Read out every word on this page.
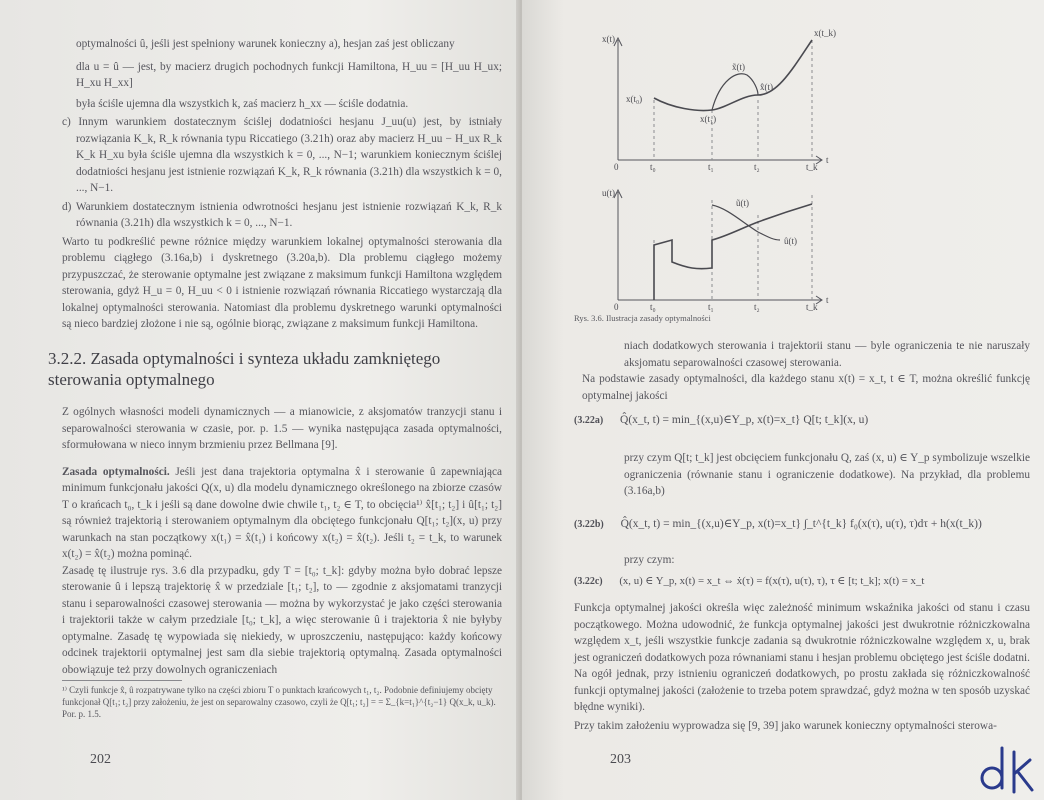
optymalności û, jeśli jest spełniony warunek konieczny a), hesjan zaś jest obliczany

dla u = û — jest, by macierz drugich pochodnych funkcji Hamiltona, H_uu = [H_uu H_ux; H_xu H_xx]

była ściśle ujemna dla wszystkich k, zaś macierz h_xx — ściśle dodatnia.

c) Innym warunkiem dostatecznym ściślej dodatniości hesjanu J_uu(u) jest, by istniały rozwiązania K_k, R_k równania typu Riccatiego (3.21h) oraz aby macierz H_uu − H_ux R_k K_k H_xu była ściśle ujemna dla wszystkich k = 0, ..., N−1; warunkiem koniecznym ściślej dodatniości hesjanu jest istnienie rozwiązań K_k, R_k równania (3.21h) dla wszystkich k = 0, ..., N−1.

d) Warunkiem dostatecznym istnienia odwrotności hesjanu jest istnienie rozwiązań K_k, R_k równania (3.21h) dla wszystkich k = 0, ..., N−1.

Warto tu podkreślić pewne różnice między warunkiem lokalnej optymalności sterowania dla problemu ciągłego (3.16a,b) i dyskretnego (3.20a,b). Dla problemu ciągłego możemy przypuszczać, że sterowanie optymalne jest związane z maksimum funkcji Hamiltona względem sterowania, gdyż H_u = 0, H_uu < 0 i istnienie rozwiązań równania Riccatiego wystarczają dla lokalnej optymalności sterowania. Natomiast dla problemu dyskretnego warunki optymalności są nieco bardziej złożone i nie są, ogólnie biorąc, związane z maksimum funkcji Hamiltona.

3.2.2. Zasada optymalności i synteza układu zamkniętego sterowania optymalnego

Z ogólnych własności modeli dynamicznych — a mianowicie, z aksjomatów tranzycji stanu i separowalności sterowania w czasie, por. p. 1.5 — wynika następująca zasada optymalności, sformułowana w nieco innym brzmieniu przez Bellmana [9].

Zasada optymalności. Jeśli jest dana trajektoria optymalna x̂ i sterowanie û zapewniająca minimum funkcjonału jakości Q(x, u) dla modelu dynamicznego określonego na zbiorze czasów T o krańcach t₀, t_k i jeśli są dane dowolne dwie chwile t₁, t₂ ∈ T, to obcięcia¹⁾ x̂[t₁; t₂] i û[t₁; t₂] są również trajektorią i sterowaniem optymalnym dla obciętego funkcjonału Q[t₁; t₂](x, u) przy warunkach na stan początkowy x(t₁) = x̂(t₁) i końcowy x(t₂) = x̂(t₂). Jeśli t₂ = t_k, to warunek x(t₂) = x̂(t₂) można pominąć.

Zasadę tę ilustruje rys. 3.6 dla przypadku, gdy T = [t₀; t_k]: gdyby można było dobrać lepsze sterowanie û i lepszą trajektorię x̂ w przedziale [t₁; t₂], to — zgodnie z aksjomatami tranzycji stanu i separowalności czasowej sterowania — można by wykorzystać je jako części sterowania i trajektorii także w całym przedziale [t₀; t_k], a więc sterowanie û i trajektoria x̂ nie byłyby optymalne. Zasadę tę wypowiada się niekiedy, w uproszczeniu, następująco: każdy końcowy odcinek trajektorii optymalnej jest sam dla siebie trajektorią optymalną. Zasada optymalności obowiązuje też przy dowolnych ograniczeniach

¹⁾ Czyli funkcje x̂, û rozpatrywane tylko na części zbioru T o punktach krańcowych t₁, t₂. Podobnie definiujemy obcięty funkcjonał Q[t₁; t₂] przy założeniu, że jest on separowalny czasowo, czyli że Q[t₁; t₂] = = Σ_{k=t₁}^{t₂−1} Q(x_k, u_k). Por. p. 1.5.
202
x(t)
x(t_k)
x(t₀)
x̃(t)
x̂(t)
x(t₁)
t
u(t)
ũ(t)
û(t)
t
0	t₀	t₁	t₂	t_k
0	t₀	t₁	t₂	t_k
Rys. 3.6. Ilustracja zasady optymalności

niach dodatkowych sterowania i trajektorii stanu — byle ograniczenia te nie naruszały aksjomatu separowalności czasowej sterowania.

Na podstawie zasady optymalności, dla każdego stanu x(t) = x_t, t ∈ T, można określić funkcję optymalnej jakości

(3.22a) Q̂(x_t, t) = min_{(x,u)∈Y_p, x(t)=x_t} Q[t; t_k](x, u)

przy czym Q[t; t_k] jest obcięciem funkcjonału Q, zaś (x, u) ∈ Y_p symbolizuje wszelkie ograniczenia (równanie stanu i ograniczenie dodatkowe). Na przykład, dla problemu (3.16a,b)

(3.22b) Q̂(x_t, t) = min_{(x,u)∈Y_p, x(t)=x_t} ∫_t^{t_k} f₀(x(τ), u(τ), τ)dτ + h(x(t_k))
przy czym:
(3.22c) (x, u) ∈ Y_p, x(t) = x_t ⇔ ẋ(τ) = f(x(τ), u(τ), τ), τ ∈ [t; t_k]; x(t) = x_t

Funkcja optymalnej jakości określa więc zależność minimum wskaźnika jakości od stanu i czasu początkowego. Można udowodnić, że funkcja optymalnej jakości jest dwukrotnie różniczkowalna względem x_t, jeśli wszystkie funkcje zadania są dwukrotnie różniczkowalne względem x, u, brak jest ograniczeń dodatkowych poza równaniami stanu i hesjan problemu obciętego jest ściśle dodatni. Na ogół jednak, przy istnieniu ograniczeń dodatkowych, po prostu zakłada się różniczkowalność funkcji optymalnej jakości (założenie to trzeba potem sprawdzać, gdyż można w ten sposób uzyskać błędne wyniki).

Przy takim założeniu wyprowadza się [9, 39] jako warunek konieczny optymalności sterowa-

203
